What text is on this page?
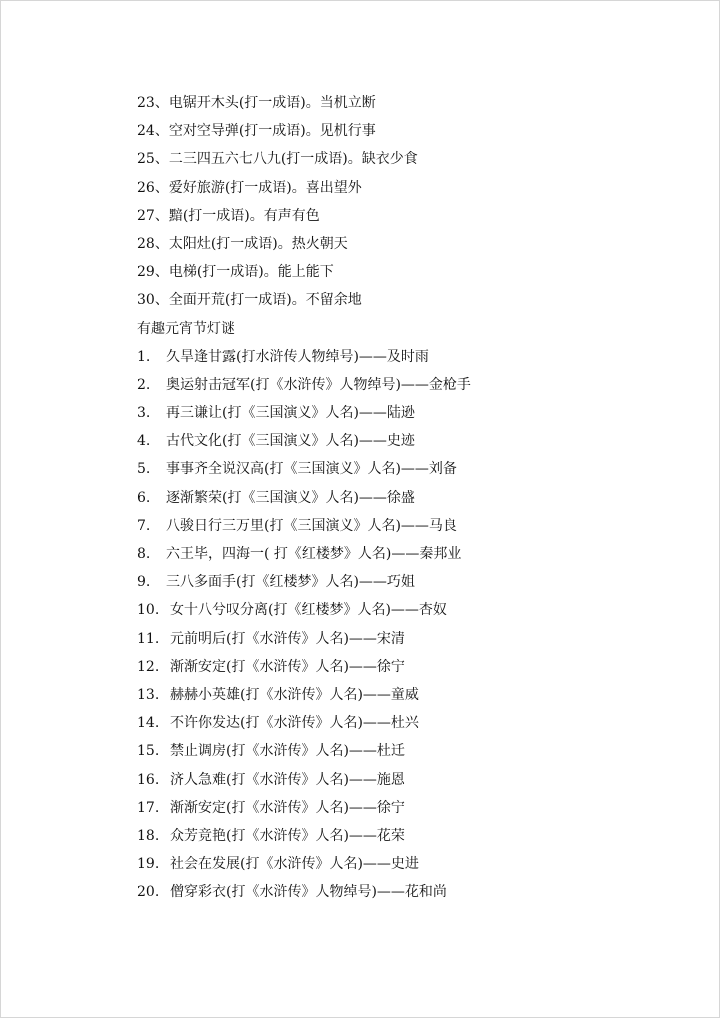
23、电锯开木头(打一成语)。当机立断
24、空对空导弹(打一成语)。见机行事
25、二三四五六七八九(打一成语)。缺衣少食
26、爱好旅游(打一成语)。喜出望外
27、黯(打一成语)。有声有色
28、太阳灶(打一成语)。热火朝天
29、电梯(打一成语)。能上能下
30、全面开荒(打一成语)。不留余地
有趣元宵节灯谜
1. 久旱逢甘露(打水浒传人物绰号)——及时雨
2. 奥运射击冠军(打《水浒传》人物绰号)——金枪手
3. 再三谦让(打《三国演义》人名)——陆逊
4. 古代文化(打《三国演义》人名)——史迹
5. 事事齐全说汉高(打《三国演义》人名)——刘备
6. 逐渐繁荣(打《三国演义》人名)——徐盛
7. 八骏日行三万里(打《三国演义》人名)——马良
8. 六王毕，四海一( 打《红楼梦》人名)——秦邦业
9. 三八多面手(打《红楼梦》人名)——巧姐
10. 女十八兮叹分离(打《红楼梦》人名)——杏奴
11. 元前明后(打《水浒传》人名)——宋清
12. 渐渐安定(打《水浒传》人名)——徐宁
13. 赫赫小英雄(打《水浒传》人名)——童威
14. 不许你发达(打《水浒传》人名)——杜兴
15. 禁止调房(打《水浒传》人名)——杜迁
16. 济人急难(打《水浒传》人名)——施恩
17. 渐渐安定(打《水浒传》人名)——徐宁
18. 众芳竞艳(打《水浒传》人名)——花荣
19. 社会在发展(打《水浒传》人名)——史进
20. 僧穿彩衣(打《水浒传》人物绰号)——花和尚
